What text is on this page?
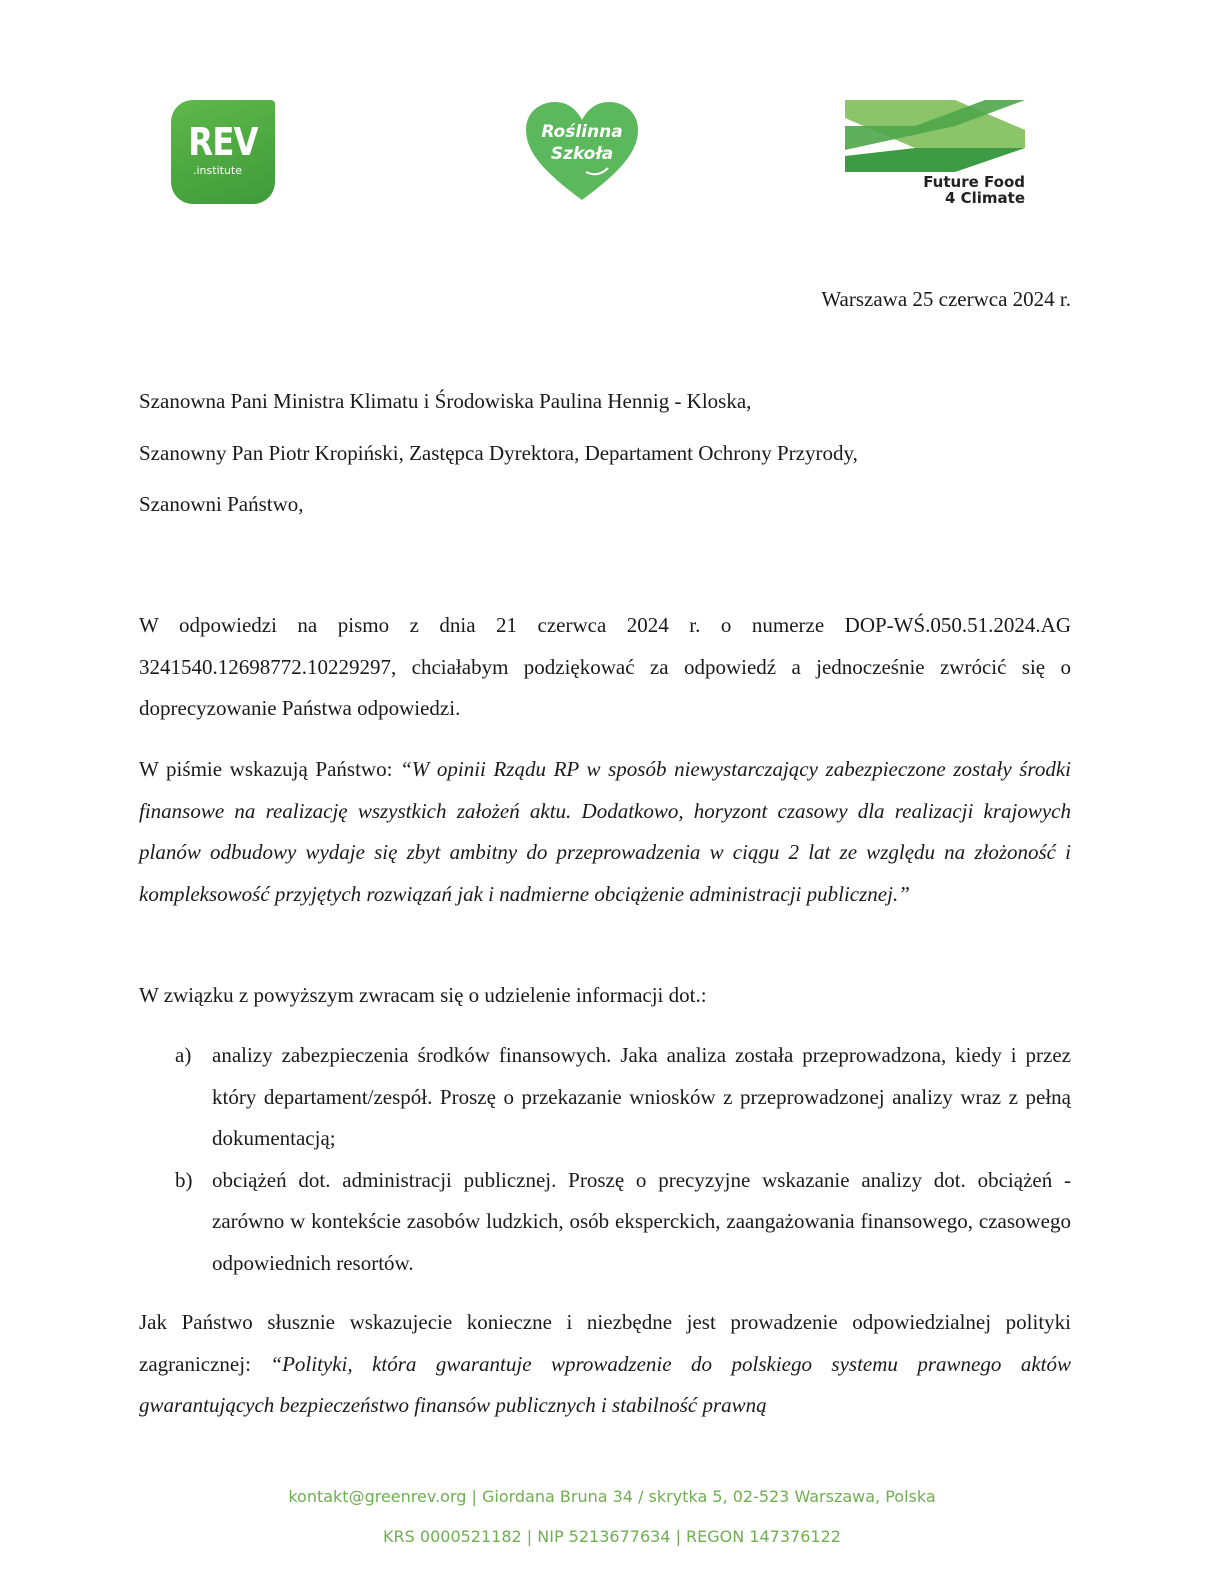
REV
.institute
Roślinna
Szkoła
Future Food
4 Climate
Warszawa 25 czerwca 2024 r.
Szanowna Pani Ministra Klimatu i Środowiska Paulina Hennig - Kloska,
Szanowny Pan Piotr Kropiński, Zastępca Dyrektora, Departament Ochrony Przyrody,
Szanowni Państwo,

W odpowiedzi na pismo z dnia 21 czerwca 2024 r. o numerze DOP-WŚ.050.51.2024.AG 3241540.12698772.10229297, chciałabym podziękować za odpowiedź a jednocześnie zwrócić się o doprecyzowanie Państwa odpowiedzi.

W piśmie wskazują Państwo: “W opinii Rządu RP w sposób niewystarczający zabezpieczone zostały środki finansowe na realizację wszystkich założeń aktu. Dodatkowo, horyzont czasowy dla realizacji krajowych planów odbudowy wydaje się zbyt ambitny do przeprowadzenia w ciągu 2 lat ze względu na złożoność i kompleksowość przyjętych rozwiązań jak i nadmierne obciążenie administracji publicznej.”

W związku z powyższym zwracam się o udzielenie informacji dot.:

a) analizy zabezpieczenia środków finansowych. Jaka analiza została przeprowadzona, kiedy i przez który departament/zespół. Proszę o przekazanie wniosków z przeprowadzonej analizy wraz z pełną dokumentacją;
b) obciążeń dot. administracji publicznej. Proszę o precyzyjne wskazanie analizy dot. obciążeń - zarówno w kontekście zasobów ludzkich, osób eksperckich, zaangażowania finansowego, czasowego odpowiednich resortów.

Jak Państwo słusznie wskazujecie konieczne i niezbędne jest prowadzenie odpowiedzialnej polityki zagranicznej: “Polityki, która gwarantuje wprowadzenie do polskiego systemu prawnego aktów gwarantujących bezpieczeństwo finansów publicznych i stabilność prawną

kontakt@greenrev.org | Giordana Bruna 34 / skrytka 5, 02-523 Warszawa, Polska
KRS 0000521182 | NIP 5213677634 | REGON 147376122
